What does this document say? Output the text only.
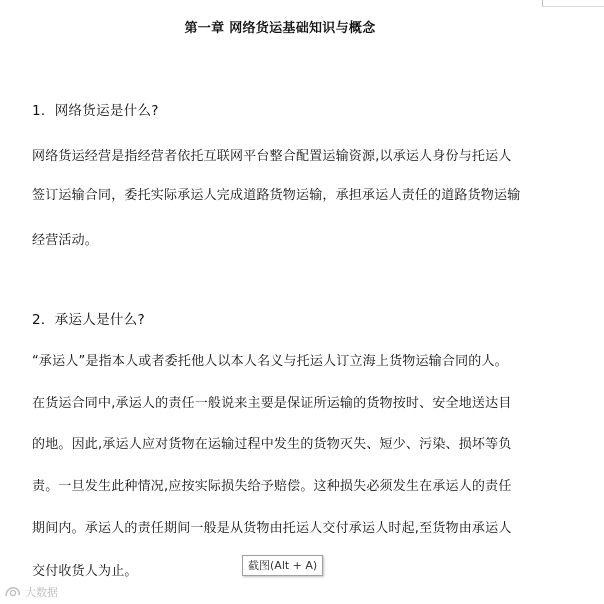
第一章 网络货运基础知识与概念
1．网络货运是什么?
网络货运经营是指经营者依托互联网平台整合配置运输资源,以承运人身份与托运人
签订运输合同，委托实际承运人完成道路货物运输，承担承运人责任的道路货物运输
经营活动。
2．承运人是什么?
“承运人”是指本人或者委托他人以本人名义与托运人订立海上货物运输合同的人。
在货运合同中,承运人的责任一般说来主要是保证所运输的货物按时、安全地送达目
的地。因此,承运人应对货物在运输过程中发生的货物灭失、短少、污染、损坏等负
责。一旦发生此种情况,应按实际损失给予赔偿。这种损失必须发生在承运人的责任
期间内。承运人的责任期间一般是从货物由托运人交付承运人时起,至货物由承运人
交付收货人为止。	截图(Alt + A)
大数据
